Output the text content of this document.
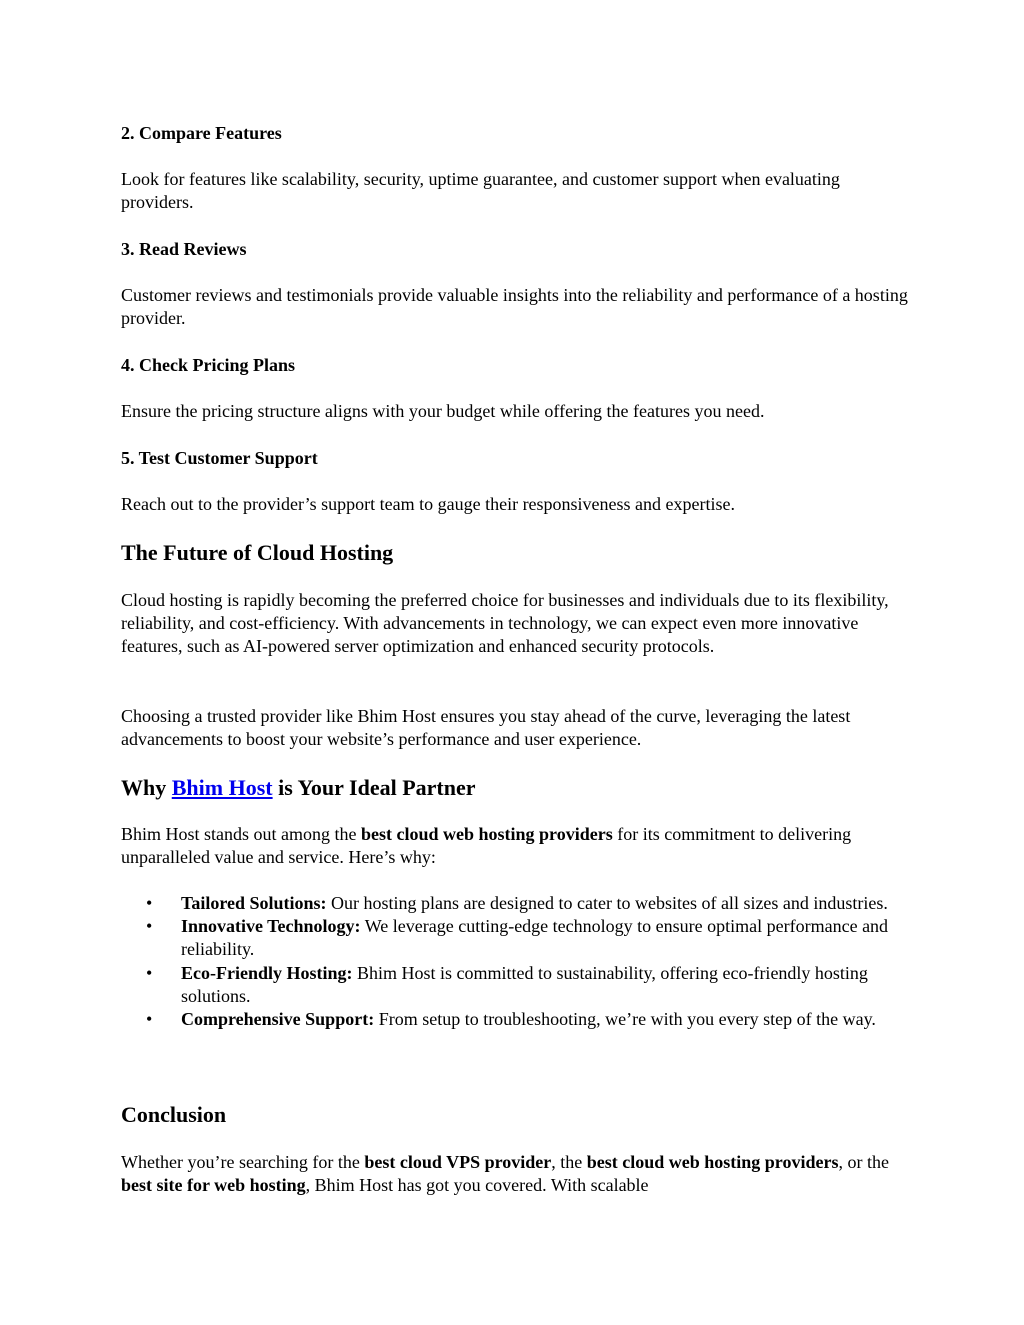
2. Compare Features
Look for features like scalability, security, uptime guarantee, and customer support when evaluating providers.
3. Read Reviews
Customer reviews and testimonials provide valuable insights into the reliability and performance of a hosting provider.
4. Check Pricing Plans
Ensure the pricing structure aligns with your budget while offering the features you need.
5. Test Customer Support
Reach out to the provider’s support team to gauge their responsiveness and expertise.
The Future of Cloud Hosting
Cloud hosting is rapidly becoming the preferred choice for businesses and individuals due to its flexibility, reliability, and cost-efficiency. With advancements in technology, we can expect even more innovative features, such as AI-powered server optimization and enhanced security protocols.
Choosing a trusted provider like Bhim Host ensures you stay ahead of the curve, leveraging the latest advancements to boost your website’s performance and user experience.
Why Bhim Host is Your Ideal Partner
Bhim Host stands out among the best cloud web hosting providers for its commitment to delivering unparalleled value and service. Here’s why:
• Tailored Solutions: Our hosting plans are designed to cater to websites of all sizes and industries.
• Innovative Technology: We leverage cutting-edge technology to ensure optimal performance and reliability.
• Eco-Friendly Hosting: Bhim Host is committed to sustainability, offering eco-friendly hosting solutions.
• Comprehensive Support: From setup to troubleshooting, we’re with you every step of the way.
Conclusion
Whether you’re searching for the best cloud VPS provider, the best cloud web hosting providers, or the best site for web hosting, Bhim Host has got you covered. With scalable
